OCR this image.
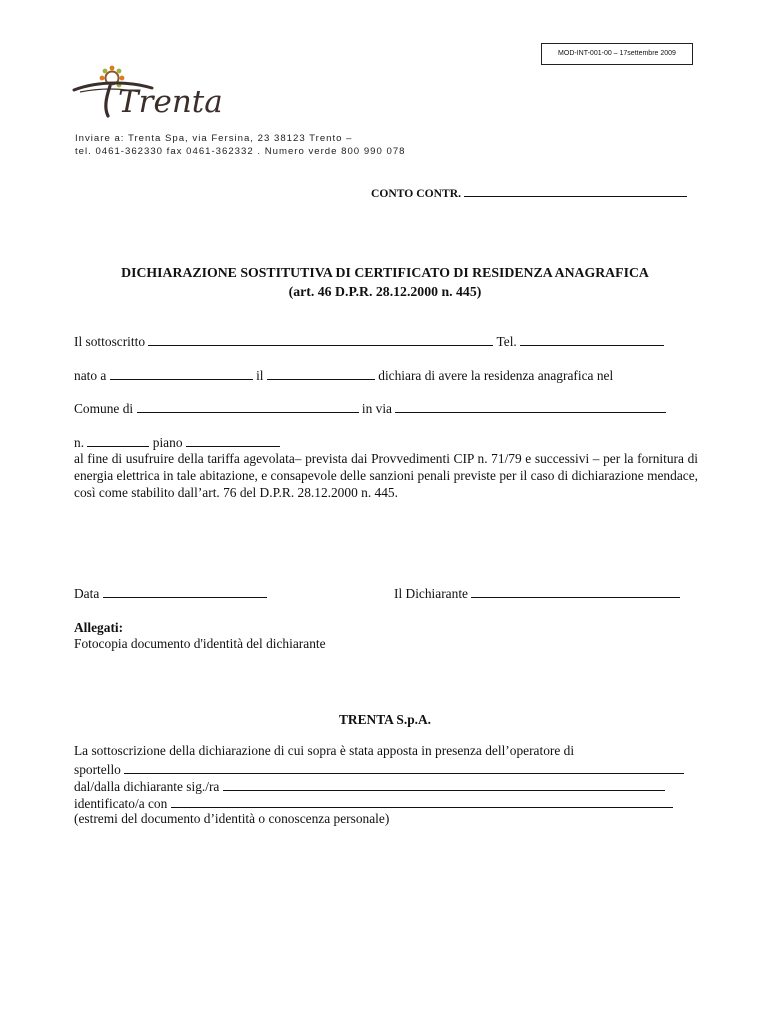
MOD-INT-001-00 – 17settembre 2009
Trenta
Inviare a: Trenta Spa, via Fersina, 23 38123 Trento –
tel. 0461-362330 fax 0461-362332 . Numero verde 800 990 078
CONTO CONTR.
DICHIARAZIONE SOSTITUTIVA DI CERTIFICATO DI RESIDENZA ANAGRAFICA
(art. 46 D.P.R. 28.12.2000 n. 445)
Il sottoscritto	Tel.
nato a	il	dichiara di avere la residenza anagrafica nel
Comune di	in via
n.	piano
al fine di usufruire della tariffa agevolata– prevista dai Provvedimenti CIP n. 71/79 e successivi – per la fornitura di energia elettrica in tale abitazione, e consapevole delle sanzioni penali previste per il caso di dichiarazione mendace, così come stabilito dall’art. 76 del D.P.R. 28.12.2000 n. 445.
Data	Il Dichiarante
Allegati:
Fotocopia documento d'identità del dichiarante
TRENTA S.p.A.
La sottoscrizione della dichiarazione di cui sopra è stata apposta in presenza dell’operatore di
sportello
dal/dalla dichiarante sig./ra
identificato/a con
(estremi del documento d’identità o conoscenza personale)
